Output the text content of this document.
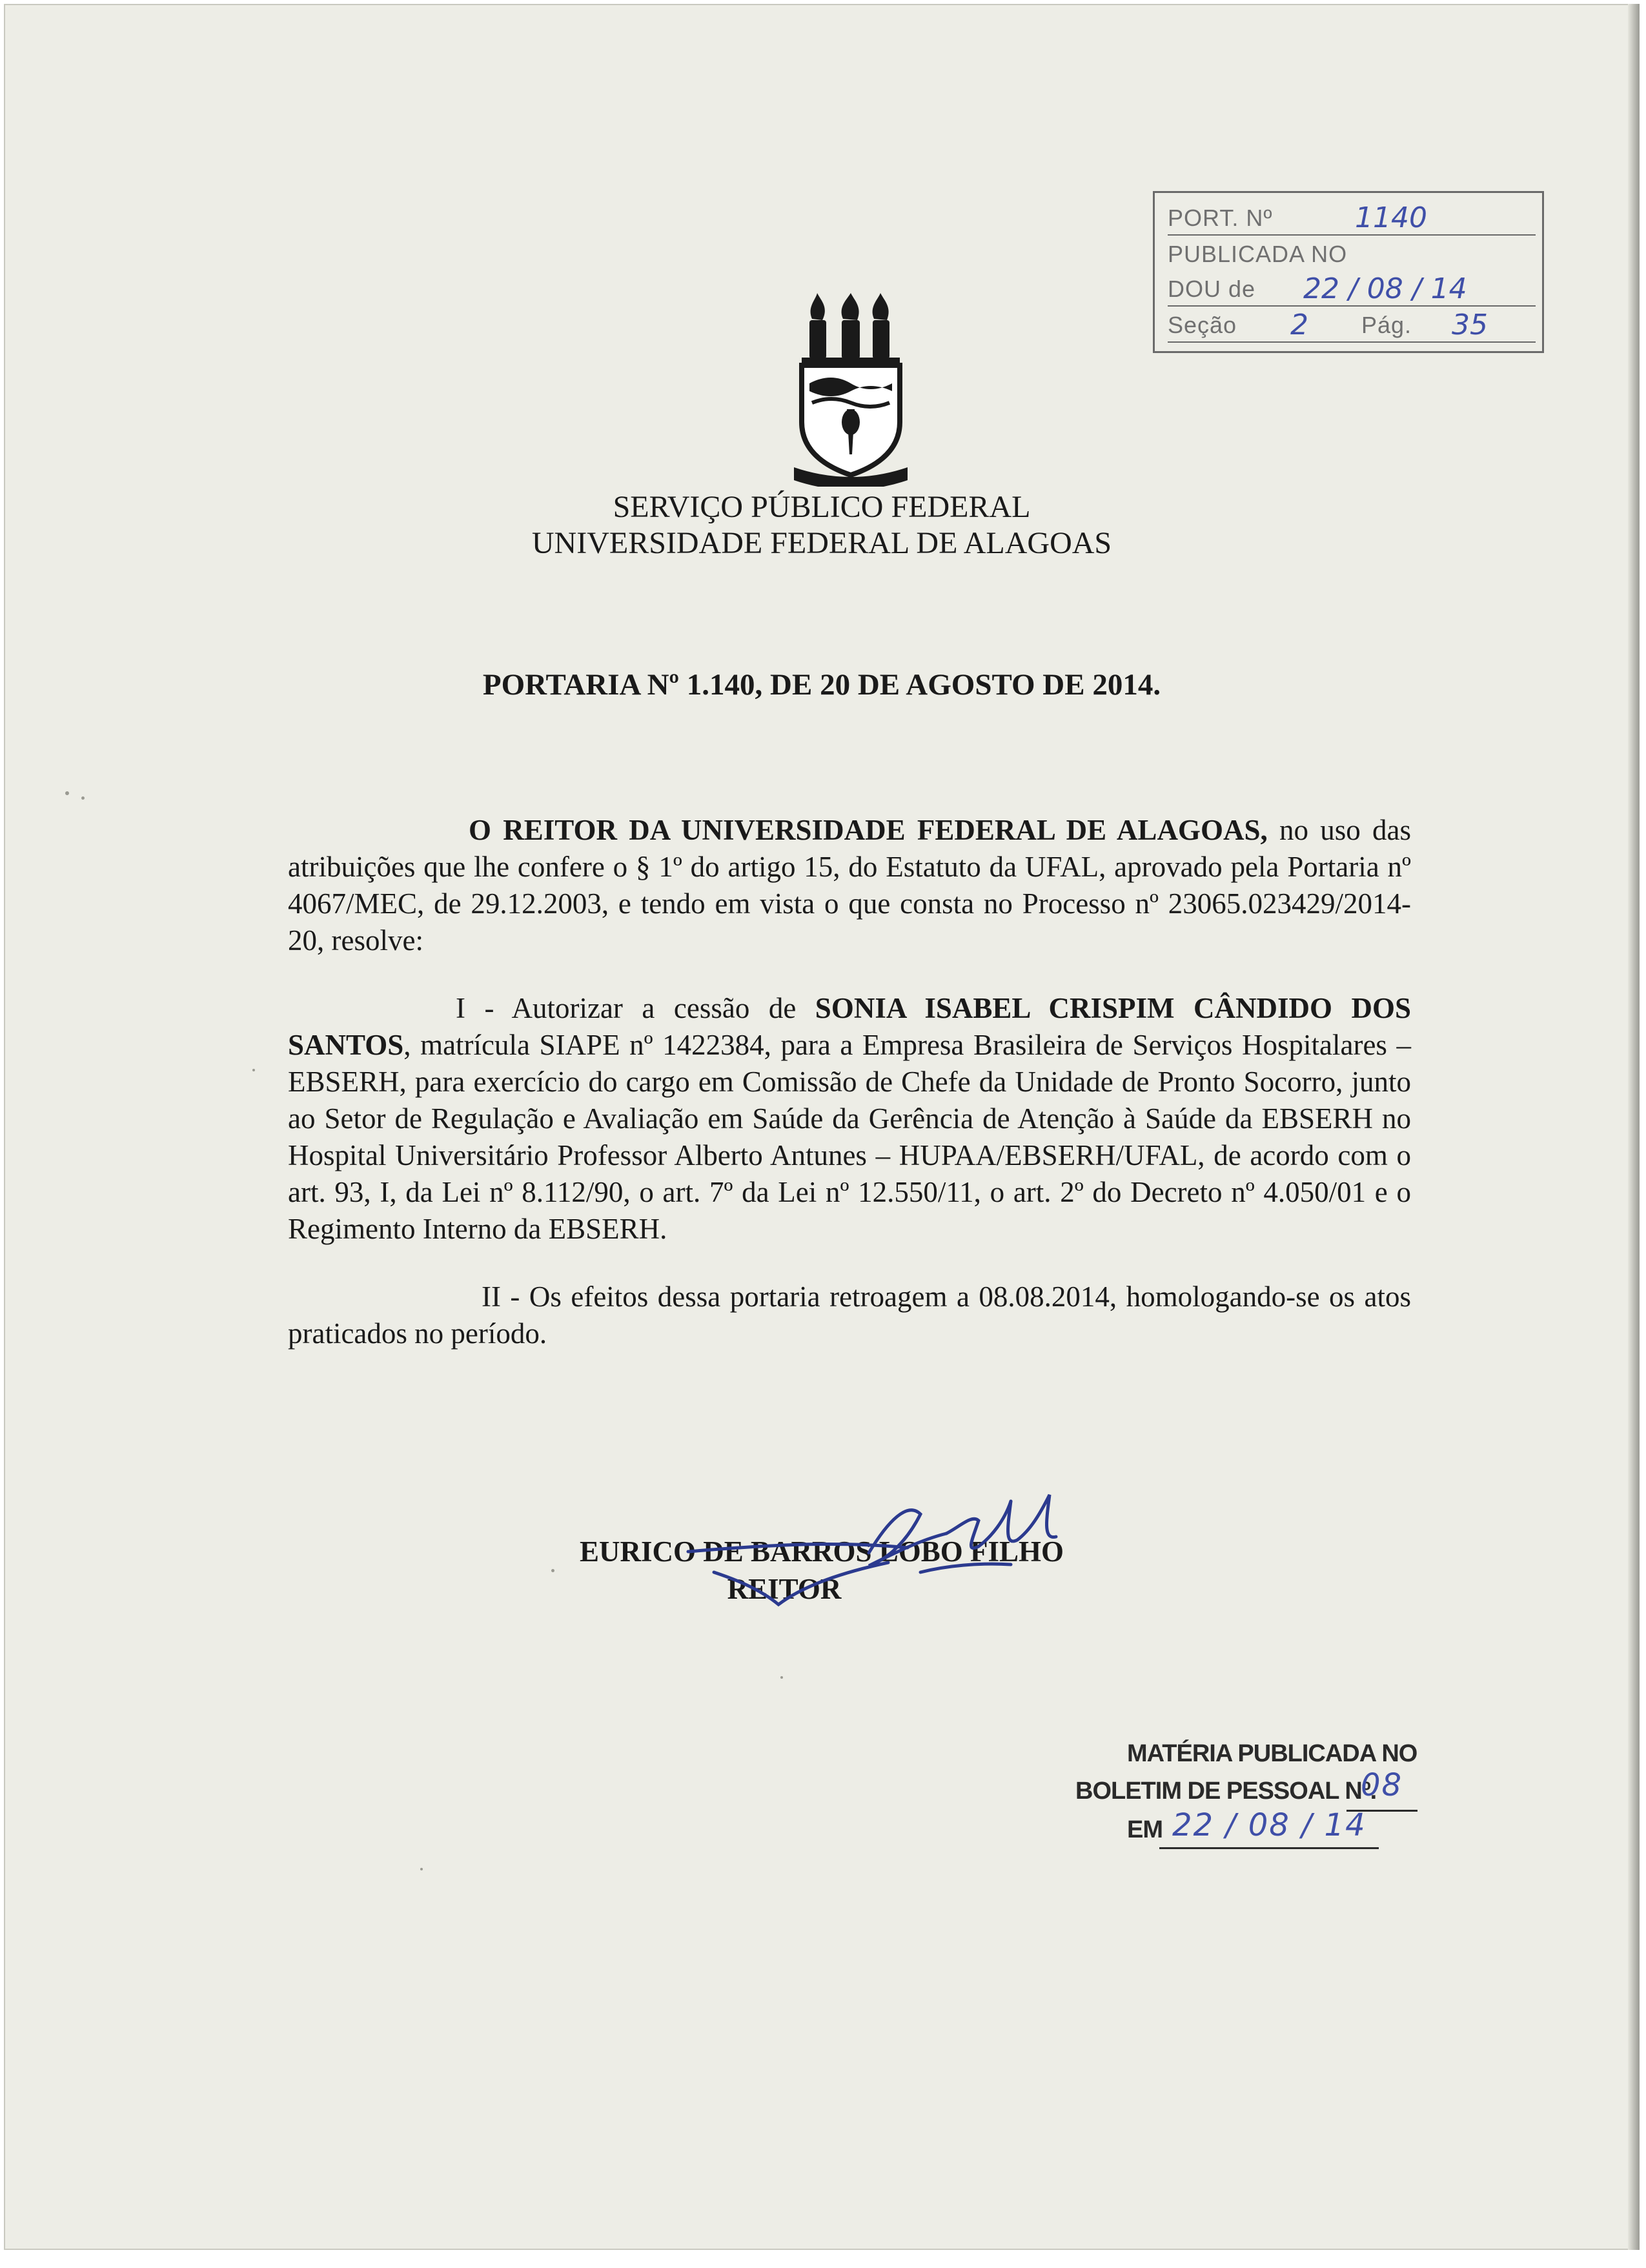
PORT. Nº	1140
PUBLICADA NO
DOU de 22 / 08 / 14
Seção 2 Pág. 35
SERVIÇO PÚBLICO FEDERAL
UNIVERSIDADE FEDERAL DE ALAGOAS
PORTARIA Nº 1.140, DE 20 DE AGOSTO DE 2014.
O REITOR DA UNIVERSIDADE FEDERAL DE ALAGOAS, no uso das atribuições que lhe confere o § 1º do artigo 15, do Estatuto da UFAL, aprovado pela Portaria nº 4067/MEC, de 29.12.2003, e tendo em vista o que consta no Processo nº 23065.023429/2014-20, resolve:
I - Autorizar a cessão de SONIA ISABEL CRISPIM CÂNDIDO DOS SANTOS, matrícula SIAPE nº 1422384, para a Empresa Brasileira de Serviços Hospitalares – EBSERH, para exercício do cargo em Comissão de Chefe da Unidade de Pronto Socorro, junto ao Setor de Regulação e Avaliação em Saúde da Gerência de Atenção à Saúde da EBSERH no Hospital Universitário Professor Alberto Antunes – HUPAA/EBSERH/UFAL, de acordo com o art. 93, I, da Lei nº 8.112/90, o art. 7º da Lei nº 12.550/11, o art. 2º do Decreto nº 4.050/01 e o Regimento Interno da EBSERH.
II - Os efeitos dessa portaria retroagem a 08.08.2014, homologando-se os atos praticados no período.
EURICO DE BARROS LOBO FILHO
REITOR
MATÉRIA PUBLICADA NO
BOLETIM DE PESSOAL Nº.
08
EM 22 / 08 / 14
